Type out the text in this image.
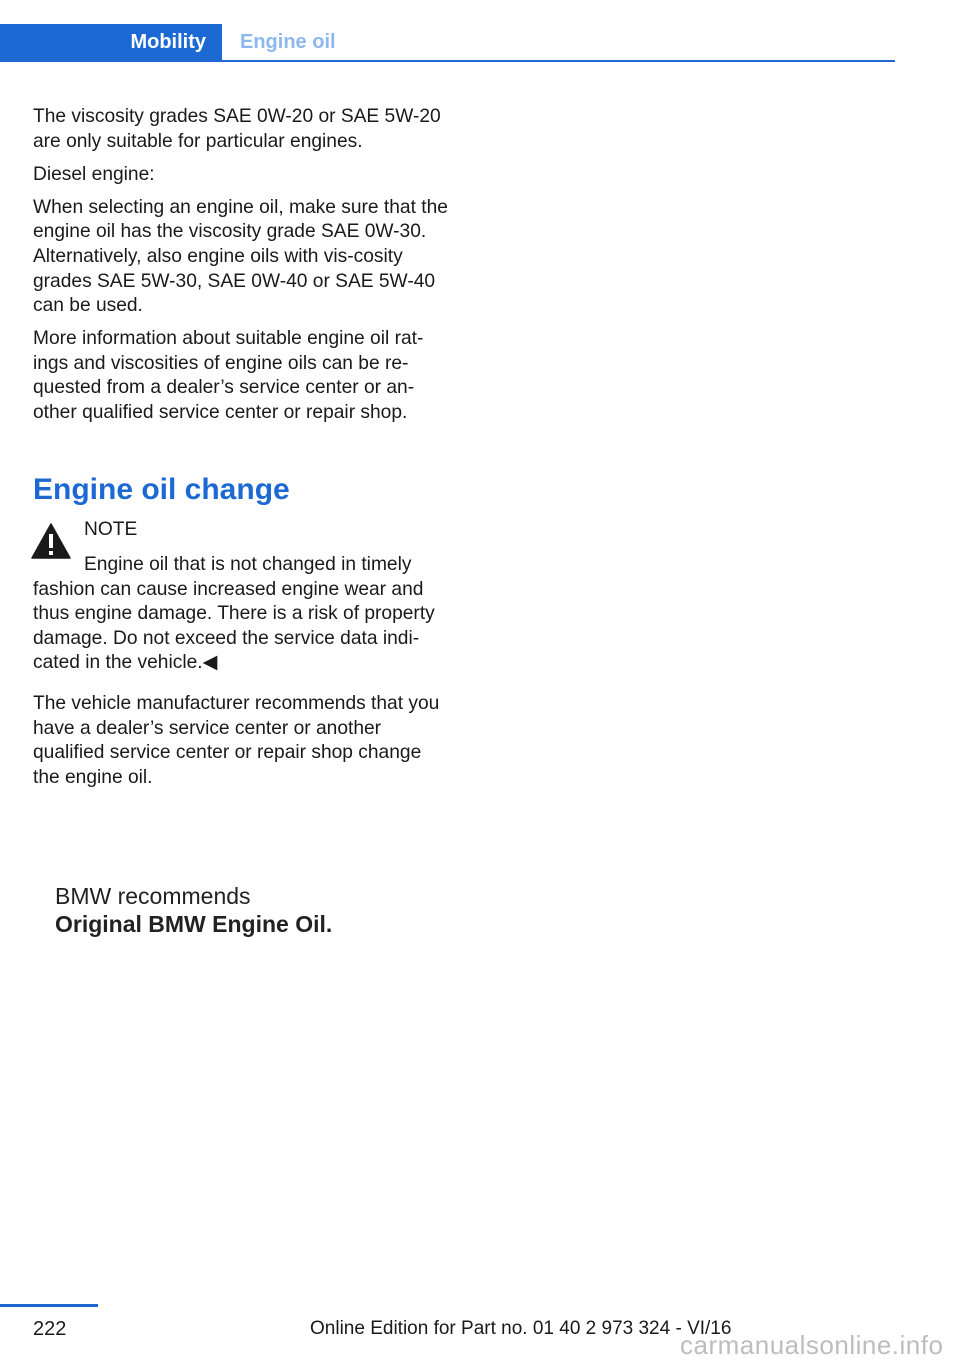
Mobility Engine oil

The viscosity grades SAE 0W-20 or SAE 5W-20 are only suitable for particular engines.

Diesel engine:

When selecting an engine oil, make sure that the engine oil has the viscosity grade SAE 0W-30. Alternatively, also engine oils with vis-cosity grades SAE 5W-30, SAE 0W-40 or SAE 5W-40 can be used.

More information about suitable engine oil rat-ings and viscosities of engine oils can be re-quested from a dealer’s service center or an-other qualified service center or repair shop.

Engine oil change
NOTE
Engine oil that is not changed in timely fashion can cause increased engine wear and thus engine damage. There is a risk of property damage. Do not exceed the service data indi-cated in the vehicle.◀
The vehicle manufacturer recommends that you have a dealer’s service center or another qualified service center or repair shop change the engine oil.
BMW recommends
Original BMW Engine Oil.
222	Online Edition for Part no. 01 40 2 973 324 - VI/16
carmanualsonline.info
